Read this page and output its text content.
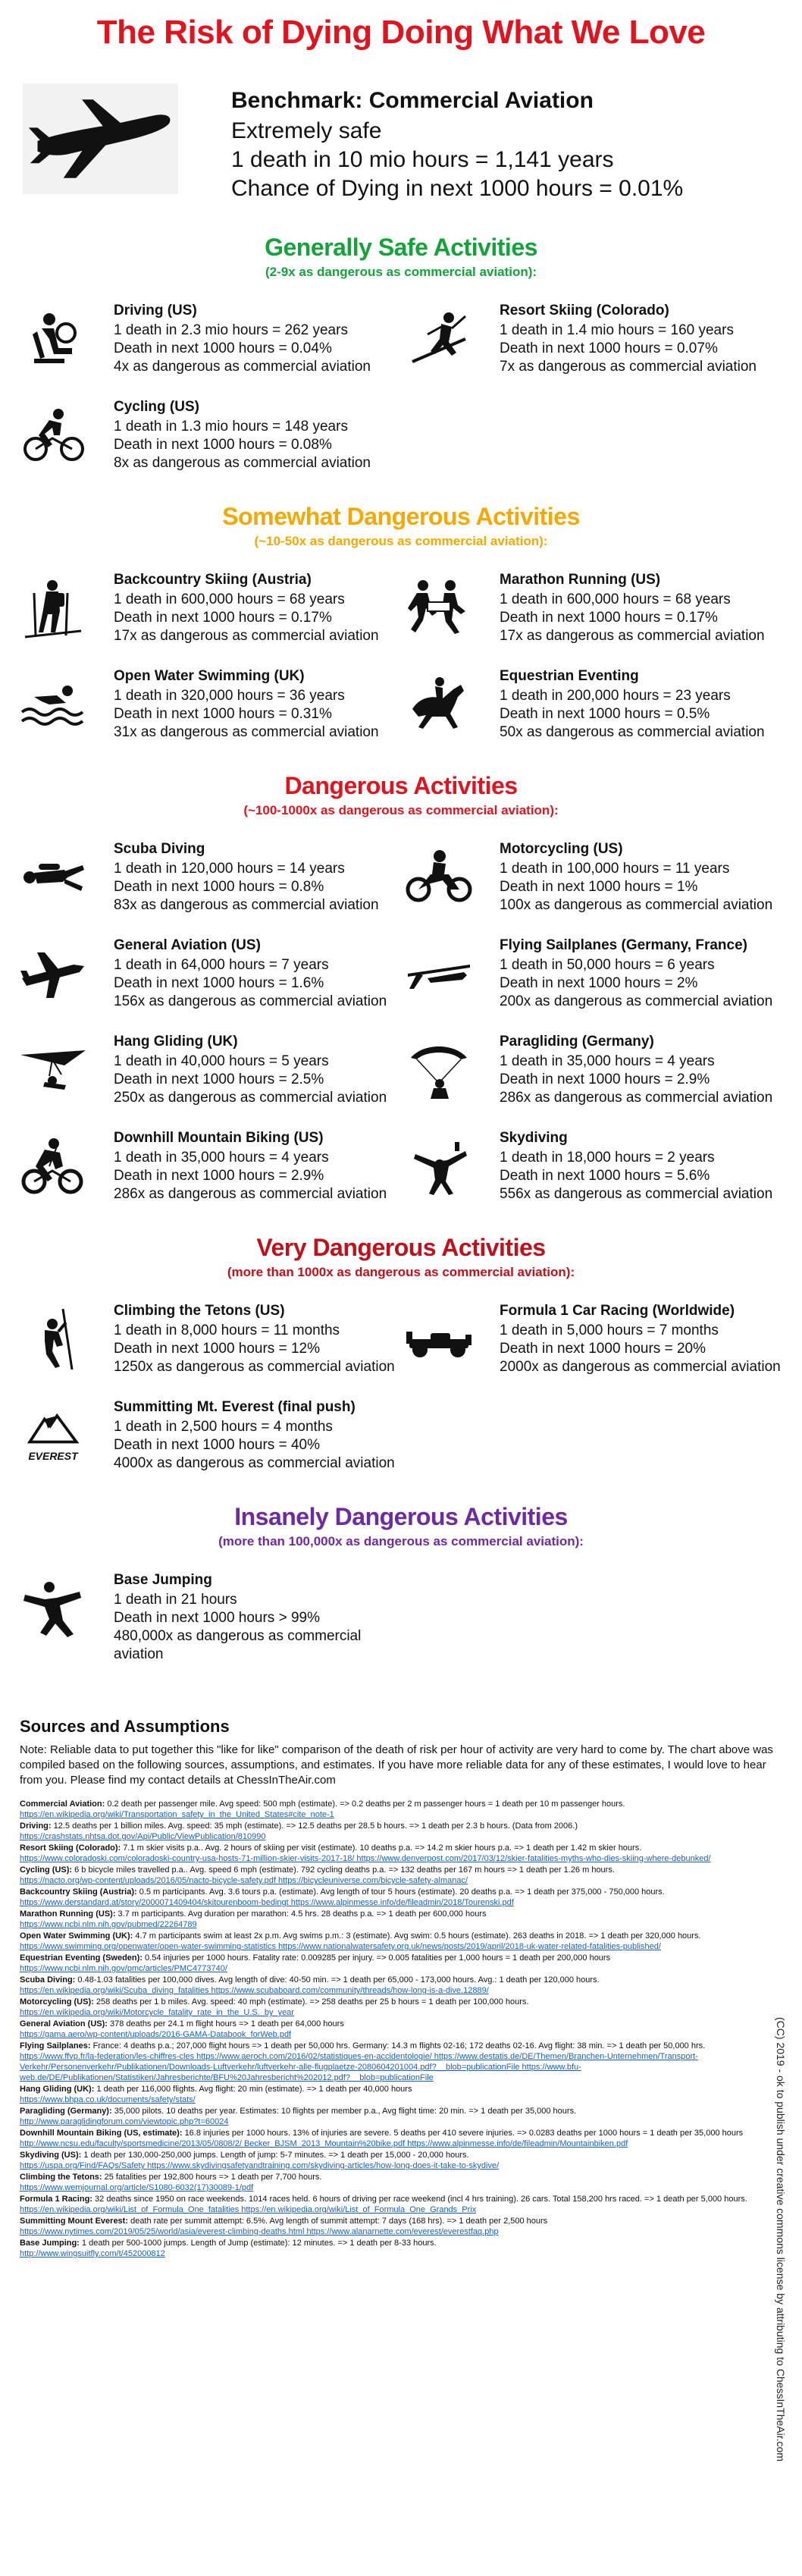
The Risk of Dying Doing What We Love
Benchmark: Commercial Aviation
Extremely safe
1 death in 10 mio hours = 1,141 years
Chance of Dying in next 1000 hours = 0.01%
Generally Safe Activities
(2-9x as dangerous as commercial aviation):
Driving (US)
1 death in 2.3 mio hours = 262 years
Death in next 1000 hours = 0.04%
4x as dangerous as commercial aviation
Resort Skiing (Colorado)
1 death in 1.4 mio hours = 160 years
Death in next 1000 hours = 0.07%
7x as dangerous as commercial aviation
Cycling (US)
1 death in 1.3 mio hours = 148 years
Death in next 1000 hours = 0.08%
8x as dangerous as commercial aviation
Somewhat Dangerous Activities
(~10-50x as dangerous as commercial aviation):
Backcountry Skiing (Austria)
1 death in 600,000 hours = 68 years
Death in next 1000 hours = 0.17%
17x as dangerous as commercial aviation
Marathon Running (US)
1 death in 600,000 hours = 68 years
Death in next 1000 hours = 0.17%
17x as dangerous as commercial aviation
Open Water Swimming (UK)
1 death in 320,000 hours = 36 years
Death in next 1000 hours = 0.31%
31x as dangerous as commercial aviation
Equestrian Eventing
1 death in 200,000 hours = 23 years
Death in next 1000 hours = 0.5%
50x as dangerous as commercial aviation
Dangerous Activities
(~100-1000x as dangerous as commercial aviation):
Scuba Diving
1 death in 120,000 hours = 14 years
Death in next 1000 hours = 0.8%
83x as dangerous as commercial aviation
Motorcycling (US)
1 death in 100,000 hours = 11 years
Death in next 1000 hours = 1%
100x as dangerous as commercial aviation
General Aviation (US)
1 death in 64,000 hours = 7 years
Death in next 1000 hours = 1.6%
156x as dangerous as commercial aviation
Flying Sailplanes (Germany, France)
1 death in 50,000 hours = 6 years
Death in next 1000 hours = 2%
200x as dangerous as commercial aviation
Hang Gliding (UK)
1 death in 40,000 hours = 5 years
Death in next 1000 hours = 2.5%
250x as dangerous as commercial aviation
Paragliding (Germany)
1 death in 35,000 hours = 4 years
Death in next 1000 hours = 2.9%
286x as dangerous as commercial aviation
Downhill Mountain Biking (US)
1 death in 35,000 hours = 4 years
Death in next 1000 hours = 2.9%
286x as dangerous as commercial aviation
Skydiving
1 death in 18,000 hours = 2 years
Death in next 1000 hours = 5.6%
556x as dangerous as commercial aviation
Very Dangerous Activities
(more than 1000x as dangerous as commercial aviation):
Climbing the Tetons (US)
1 death in 8,000 hours = 11 months
Death in next 1000 hours = 12%
1250x as dangerous as commercial aviation
Formula 1 Car Racing (Worldwide)
1 death in 5,000 hours = 7 months
Death in next 1000 hours = 20%
2000x as dangerous as commercial aviation
EVEREST
Summitting Mt. Everest (final push)
1 death in 2,500 hours = 4 months
Death in next 1000 hours = 40%
4000x as dangerous as commercial aviation
Insanely Dangerous Activities
(more than 100,000x as dangerous as commercial aviation):
Base Jumping
1 death in 21 hours
Death in next 1000 hours > 99%
480,000x as dangerous as commercial aviation
Sources and Assumptions
Note: Reliable data to put together this "like for like" comparison of the death of risk per hour of activity are very hard to come by. The chart above was compiled based on the following sources, assumptions, and estimates. If you have more reliable data for any of these estimates, I would love to hear from you. Please find my contact details at ChessInTheAir.com
Commercial Aviation: 0.2 death per passenger mile. Avg speed: 500 mph (estimate). => 0.2 deaths per 2 m passenger hours = 1 death per 10 m passenger hours.
https://en.wikipedia.org/wiki/Transportation_safety_in_the_United_States#cite_note-1
Driving: 12.5 deaths per 1 billion miles. Avg. speed: 35 mph (estimate). => 12.5 deaths per 28.5 b hours. => 1 death per 2.3 b hours. (Data from 2006.)
https://crashstats.nhtsa.dot.gov/Api/Public/ViewPublication/810990
Resort Skiing (Colorado): 7.1 m skier visits p.a.. Avg. 2 hours of skiing per visit (estimate). 10 deaths p.a. => 14.2 m skier hours p.a. => 1 death per 1.42 m skier hours.
https://www.coloradoski.com/coloradoski-country-usa-hosts-71-million-skier-visits-2017-18/ https://www.denverpost.com/2017/03/12/skier-fatalities-myths-who-dies-skiing-where-debunked/
Cycling (US): 6 b bicycle miles travelled p.a.. Avg. speed 6 mph (estimate). 792 cycling deaths p.a. => 132 deaths per 167 m hours => 1 death per 1.26 m hours.
https://nacto.org/wp-content/uploads/2016/05/nacto-bicycle-safety.pdf https://bicycleuniverse.com/bicycle-safety-almanac/
Backcountry Skiing (Austria): 0.5 m participants. Avg. 3.6 tours p.a. (estimate). Avg length of tour 5 hours (estimate). 20 deaths p.a. => 1 death per 375,000 - 750,000 hours.
https://www.derstandard.at/story/2000071409404/skitourenboom-bedingt https://www.alpinmesse.info/de/fileadmin/2018/Tourenski.pdf
Marathon Running (US): 3.7 m participants. Avg duration per marathon: 4.5 hrs. 28 deaths p.a. => 1 death per 600,000 hours
https://www.ncbi.nlm.nih.gov/pubmed/22264789
Open Water Swimming (UK): 4.7 m participants swim at least 2x p.m. Avg swims p.m.: 3 (estimate). Avg swim: 0.5 hours (estimate). 263 deaths in 2018. => 1 death per 320,000 hours.
https://www.swimming.org/openwater/open-water-swimming-statistics https://www.nationalwatersafety.org.uk/news/posts/2019/april/2018-uk-water-related-fatalities-published/
Equestrian Eventing (Sweden): 0.54 injuries per 1000 hours. Fatality rate: 0.009285 per injury. => 0.005 fatalities per 1,000 hours = 1 death per 200,000 hours
https://www.ncbi.nlm.nih.gov/pmc/articles/PMC4773740/
Scuba Diving: 0.48-1.03 fatalities per 100,000 dives. Avg length of dive: 40-50 min. => 1 death per 65,000 - 173,000 hours. Avg.: 1 death per 120,000 hours.
https://en.wikipedia.org/wiki/Scuba_diving_fatalities https://www.scubaboard.com/community/threads/how-long-is-a-dive.12889/
Motorcycling (US): 258 deaths per 1 b miles. Avg. speed: 40 mph (estimate). => 258 deaths per 25 b hours = 1 death per 100,000 hours.
https://en.wikipedia.org/wiki/Motorcycle_fatality_rate_in_the_U.S._by_year
General Aviation (US): 378 deaths per 24.1 m flight hours => 1 death per 64,000 hours
https://gama.aero/wp-content/uploads/2016-GAMA-Databook_forWeb.pdf
Flying Sailplanes: France: 4 deaths p.a.; 207,000 flight hours => 1 death per 50,000 hrs. Germany: 14.3 m flights 02-16; 172 deaths 02-16. Avg flight: 38 min. => 1 death per 50,000 hrs.
https://www.ffvp.fr/la-federation/les-chiffres-cles https://www.aeroch.com/2016/02/statistiques-en-accidentologie/ https://www.destatis.de/DE/Themen/Branchen-Unternehmen/Transport-Verkehr/Personenverkehr/Publikationen/Downloads-Luftverkehr/luftverkehr-alle-flugplaetze-2080604201004.pdf?__blob=publicationFile https://www.bfu-web.de/DE/Publikationen/Statistiken/Jahresberichte/BFU%20Jahresbericht%202012.pdf?__blob=publicationFile
Hang Gliding (UK): 1 death per 116,000 flights. Avg flight: 20 min (estimate). => 1 death per 40,000 hours
https://www.bhpa.co.uk/documents/safety/stats/
Paragliding (Germany): 35,000 pilots. 10 deaths per year. Estimates: 10 flights per member p.a., Avg flight time: 20 min. => 1 death per 35,000 hours.
http://www.paraglidingforum.com/viewtopic.php?t=60024
Downhill Mountain Biking (US, estimate): 16.8 injuries per 1000 hours. 13% of injuries are severe. 5 deaths per 410 severe injuries. => 0.0283 deaths per 1000 hours = 1 death per 35,000 hours
http://www.ncsu.edu/faculty/sportsmedicine/2013/05/0808/2/ Becker_BJSM_2013_Mountain%20bike.pdf https://www.alpinmesse.info/de/fileadmin/Mountainbiken.pdf
Skydiving (US): 1 death per 130,000-250,000 jumps. Length of jump: 5-7 minutes. => 1 death per 15,000 - 20,000 hours.
https://uspa.org/Find/FAQs/Safety https://www.skydivingsafetyandtraining.com/skydiving-articles/how-long-does-it-take-to-skydive/
Climbing the Tetons: 25 fatalities per 192,800 hours => 1 death per 7,700 hours.
https://www.wemjournal.org/article/S1080-6032(17)30089-1/pdf
Formula 1 Racing: 32 deaths since 1950 on race weekends. 1014 races held. 6 hours of driving per race weekend (incl 4 hrs training). 26 cars. Total 158,200 hrs raced. => 1 death per 5,000 hours.
https://en.wikipedia.org/wiki/List_of_Formula_One_fatalities https://en.wikipedia.org/wiki/List_of_Formula_One_Grands_Prix
Summitting Mount Everest: death rate per summit attempt: 6.5%. Avg length of summit attempt: 7 days (168 hrs). => 1 death per 2,500 hours
https://www.nytimes.com/2019/05/25/world/asia/everest-climbing-deaths.html https://www.alanarnette.com/everest/everestfaq.php
Base Jumping: 1 death per 500-1000 jumps. Length of Jump (estimate): 12 minutes. => 1 death per 8-33 hours.
http://www.wingsuitfly.com/t/452000812	(CC) 2019 - ok to publish under creative commons license by attributing to ChessInTheAir.com
